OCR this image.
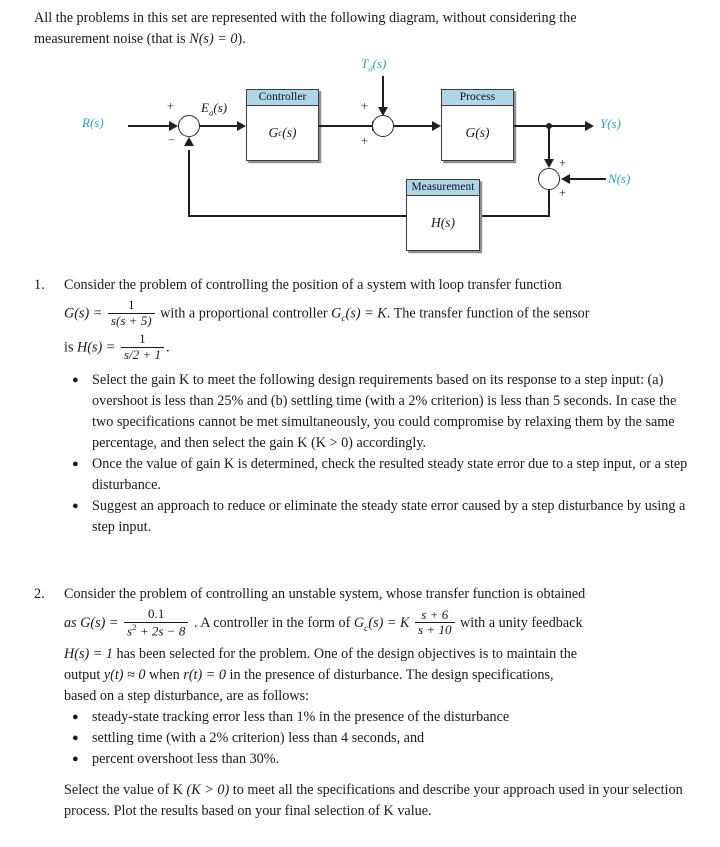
All the problems in this set are represented with the following diagram, without considering the
measurement noise (that is N(s) = 0).
R(s)
+
−
$E_a(s)$
Controller
G c (s)
$T_d(s)$
+
+
Process
G(s)
Y(s)
+
+
N(s)
Measurement
H(s)
1.	Consider the problem of controlling the position of a system with loop transfer function
$G(s) = \frac{1}{s(s + 5)}$ with a proportional controller $G_c(s) = K$. The transfer function of the sensor
is $H(s) = \frac{1}{s/2 + 1}$ .
● Select the gain K to meet the following design requirements based on its response to a step input: (a) overshoot is less than 25% and (b) settling time (with a 2% criterion) is less than 5 seconds. In case the two specifications cannot be met simultaneously, you could compromise by relaxing them by the same percentage, and then select the gain K (K > 0) accordingly.
● Once the value of gain K is determined, check the resulted steady state error due to a step input, or a step disturbance.
● Suggest an approach to reduce or eliminate the steady state error caused by a step disturbance by using a step input.
2.	Consider the problem of controlling an unstable system, whose transfer function is obtained
as $G(s) = \frac{0.1}{s^2 + 2s - 8}$ . A controller in the form of $G_c(s) = K \frac{s + 6}{s + 10}$ with a unity feedback
H(s) = 1 has been selected for the problem. One of the design objectives is to maintain the
output y(t) ≈ 0 when r(t) = 0 in the presence of disturbance. The design specifications,
based on a step disturbance, are as follows:
● steady-state tracking error less than 1% in the presence of the disturbance
● settling time (with a 2% criterion) less than 4 seconds, and
● percent overshoot less than 30%.
Select the value of K (K > 0) to meet all the specifications and describe your approach used in your selection process. Plot the results based on your final selection of K value.
